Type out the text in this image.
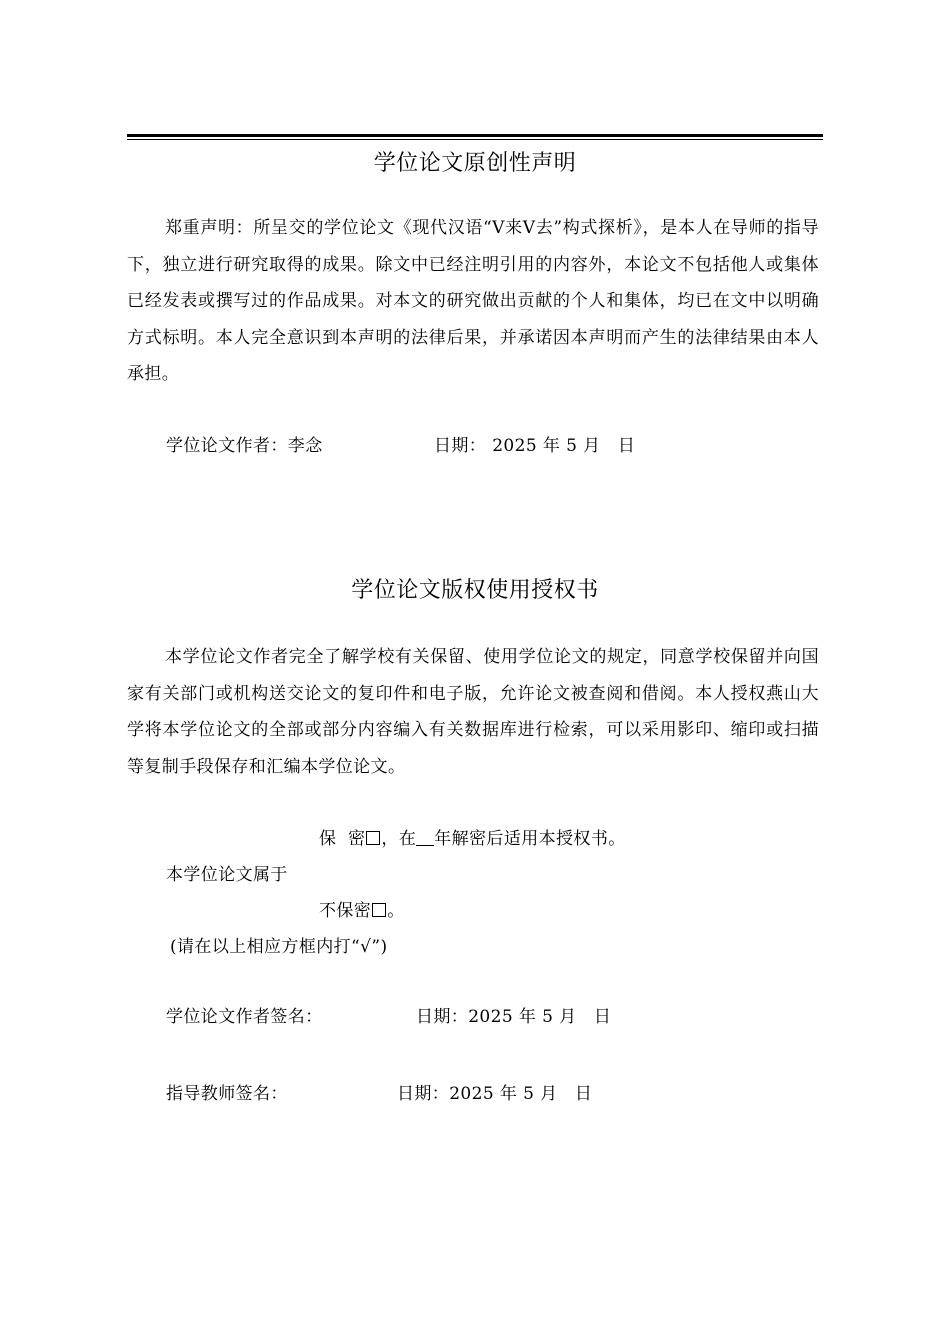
学位论文原创性声明
郑重声明：所呈交的学位论文《现代汉语“V来V去”构式探析》，是本人在导师的指导下，独立进行研究取得的成果。除文中已经注明引用的内容外，本论文不包括他人或集体已经发表或撰写过的作品成果。对本文的研究做出贡献的个人和集体，均已在文中以明确方式标明。本人完全意识到本声明的法律后果，并承诺因本声明而产生的法律结果由本人承担。
学位论文作者：李念	日期： 2025 年 5 月   日
学位论文版权使用授权书
本学位论文作者完全了解学校有关保留、使用学位论文的规定，同意学校保留并向国家有关部门或机构送交论文的复印件和电子版，允许论文被查阅和借阅。本人授权燕山大学将本学位论文的全部或部分内容编入有关数据库进行检索，可以采用影印、缩印或扫描等复制手段保存和汇编本学位论文。
保  密 ，在 年解密后适用本授权书。
本学位论文属于
不保密 。
(请在以上相应方框内打“√”)
学位论文作者签名：	日期：2025 年 5 月   日
指导教师签名：	日期：2025 年 5 月   日
